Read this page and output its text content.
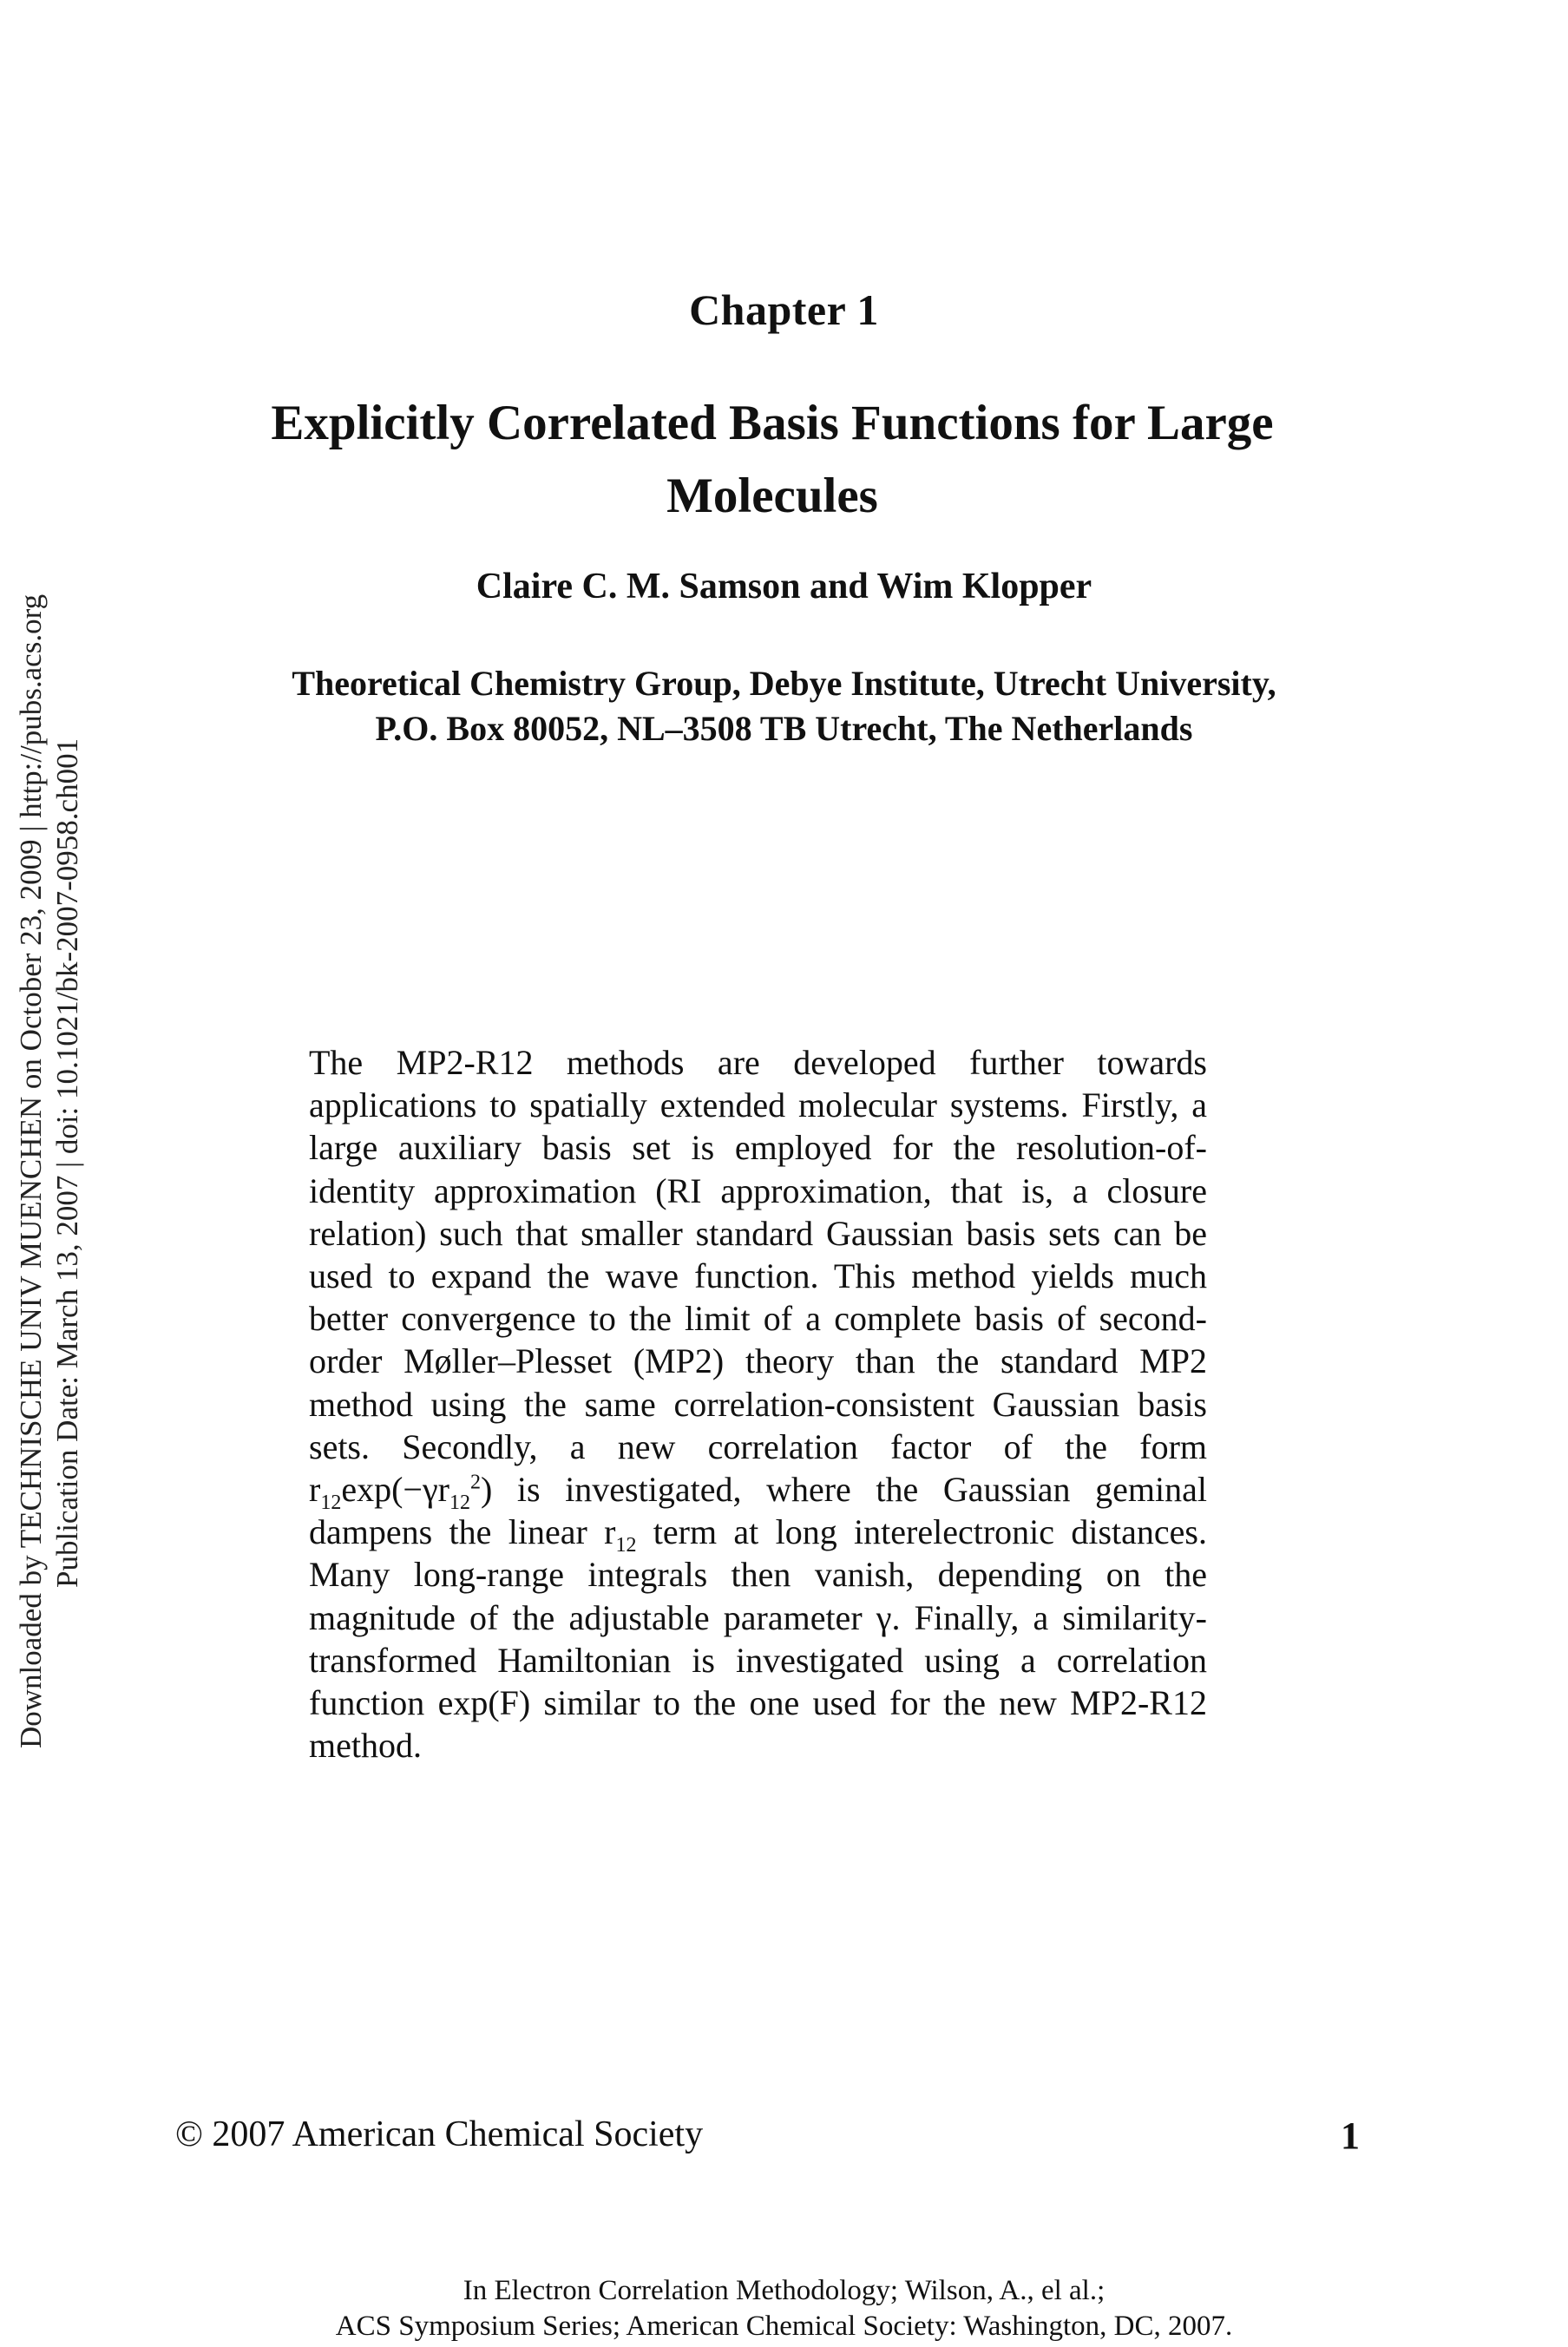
Downloaded by TECHNISCHE UNIV MUENCHEN on October 23, 2009 | http://pubs.acs.org Publication Date: March 13, 2007 | doi: 10.1021/bk-2007-0958.ch001
Chapter 1
Explicitly Correlated Basis Functions for Large Molecules
Claire C. M. Samson and Wim Klopper
Theoretical Chemistry Group, Debye Institute, Utrecht University,
P.O. Box 80052, NL–3508 TB Utrecht, The Netherlands

The MP2-R12 methods are developed further towards applications to spatially extended molecular systems. Firstly, a large auxiliary basis set is employed for the resolution-of-identity approximation (RI approximation, that is, a closure relation) such that smaller standard Gaussian basis sets can be used to expand the wave function. This method yields much better convergence to the limit of a complete basis of second-order Møller–Plesset (MP2) theory than the standard MP2 method using the same correlation-consistent Gaussian basis sets. Secondly, a new correlation factor of the form $r_{12}\exp(-\gamma r_{12}^2)$ is investigated, where the Gaussian geminal dampens the linear $r_{12}$ term at long interelectronic distances. Many long-range integrals then vanish, depending on the magnitude of the adjustable parameter γ. Finally, a similarity-transformed Hamiltonian is investigated using a correlation function exp(F) similar to the one used for the new MP2-R12 method.

© 2007 American Chemical Society	1
In Electron Correlation Methodology; Wilson, A., el al.;
ACS Symposium Series; American Chemical Society: Washington, DC, 2007.
